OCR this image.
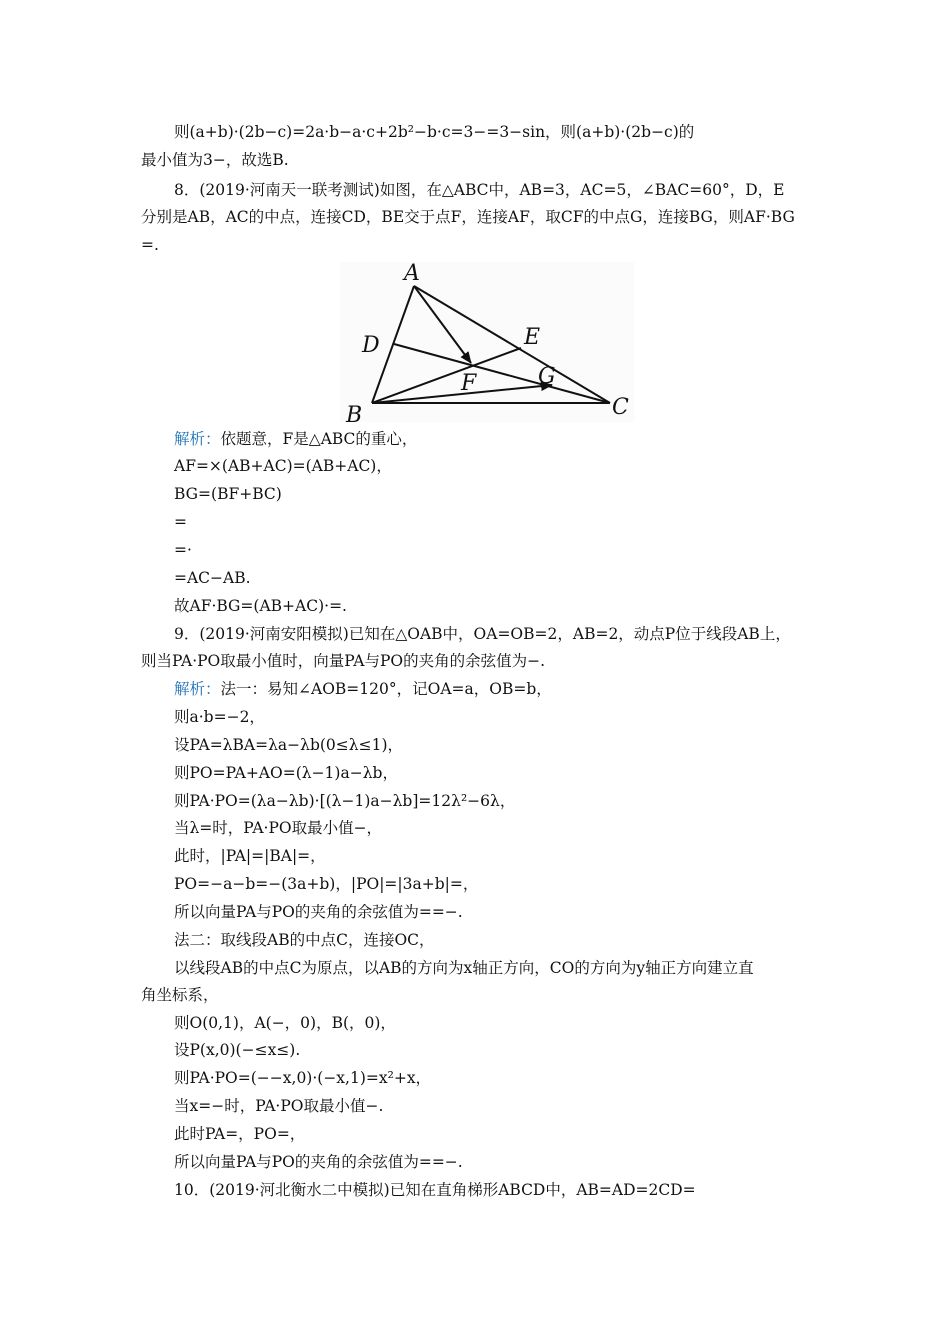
则(a+b)·(2b−c)=2a·b−a·c+2b²−b·c=3−=3−sin，则(a+b)·(2b−c)的
最小值为3−，故选B.
8．(2019·河南天一联考测试)如图，在△ABC中，AB=3，AC=5，∠BAC=60°，D，E
分别是AB，AC的中点，连接CD，BE交于点F，连接AF，取CF的中点G，连接BG，则AF·BG
=.
A
D	E
F	G
B	C
解析：依题意，F是△ABC的重心，
AF=×(AB+AC)=(AB+AC)，
BG=(BF+BC)
=
=·
=AC−AB.
故AF·BG=(AB+AC)·=.
9．(2019·河南安阳模拟)已知在△OAB中，OA=OB=2，AB=2，动点P位于线段AB上，
则当PA·PO取最小值时，向量PA与PO的夹角的余弦值为−.
解析：法一：易知∠AOB=120°，记OA=a，OB=b，
则a·b=−2，
设PA=λBA=λa−λb(0≤λ≤1)，
则PO=PA+AO=(λ−1)a−λb，
则PA·PO=(λa−λb)·[(λ−1)a−λb]=12λ²−6λ，
当λ=时，PA·PO取最小值−，
此时，|PA|=|BA|=，
PO=−a−b=−(3a+b)，|PO|=|3a+b|=，
所以向量PA与PO的夹角的余弦值为==−.
法二：取线段AB的中点C，连接OC，
以线段AB的中点C为原点，以AB的方向为x轴正方向，CO的方向为y轴正方向建立直
角坐标系，
则O(0,1)，A(−，0)，B(，0)，
设P(x,0)(−≤x≤).
则PA·PO=(−−x,0)·(−x,1)=x²+x，
当x=−时，PA·PO取最小值−.
此时PA=，PO=，
所以向量PA与PO的夹角的余弦值为==−.
10．(2019·河北衡水二中模拟)已知在直角梯形ABCD中，AB=AD=2CD=
